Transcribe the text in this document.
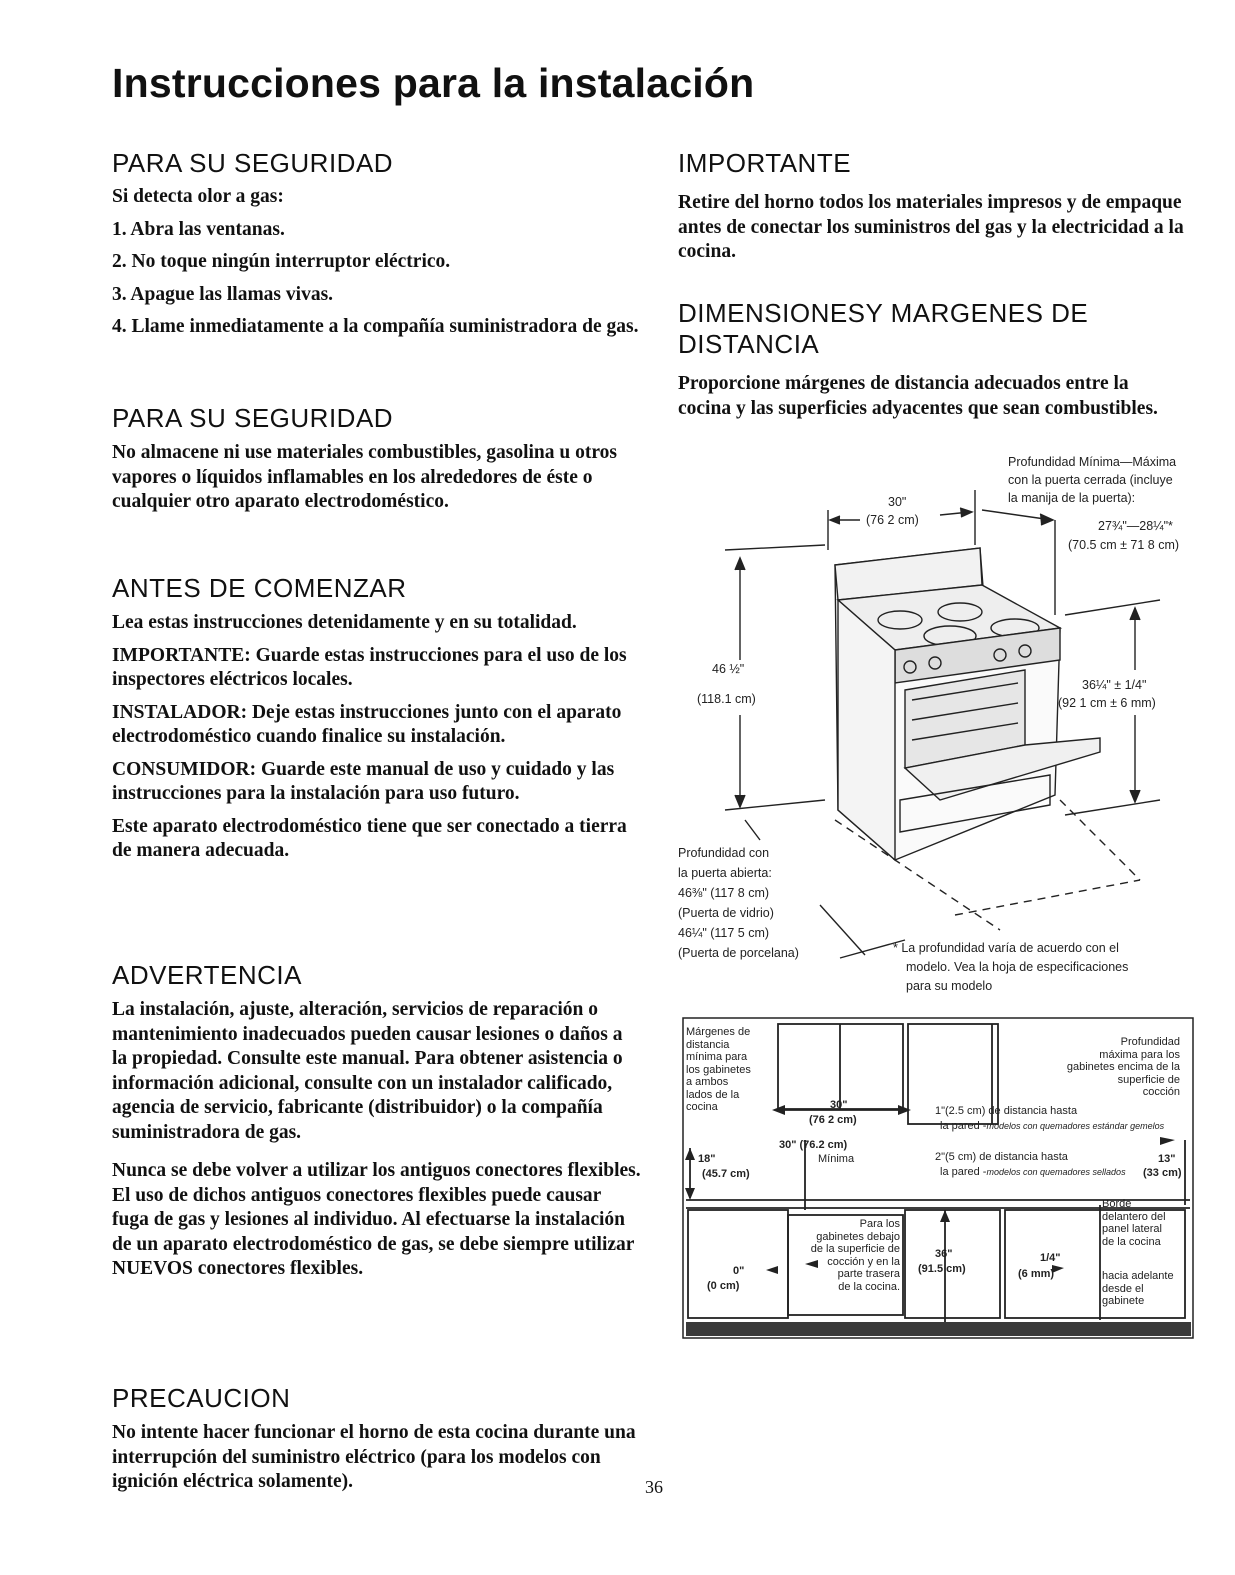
Instrucciones para la instalación
PARA SU SEGURIDAD

Si detecta olor a gas:

1. Abra las ventanas.
2. No toque ningún interruptor eléctrico.
3. Apague las llamas vivas.
4. Llame inmediatamente a la compañía suministradora de gas.
PARA SU SEGURIDAD

No almacene ni use materiales combustibles, gasolina u otros vapores o líquidos inflamables en los alrededores de éste o cualquier otro aparato electrodoméstico.

ANTES DE COMENZAR

Lea estas instrucciones detenidamente y en su totalidad.

IMPORTANTE: Guarde estas instrucciones para el uso de los inspectores eléctricos locales.

INSTALADOR: Deje estas instrucciones junto con el aparato electrodoméstico cuando finalice su instalación.

CONSUMIDOR: Guarde este manual de uso y cuidado y las instrucciones para la instalación para uso futuro.

Este aparato electrodoméstico tiene que ser conectado a tierra de manera adecuada.

ADVERTENCIA

La instalación, ajuste, alteración, servicios de reparación o mantenimiento inadecuados pueden causar lesiones o daños a la propiedad. Consulte este manual. Para obtener asistencia o información adicional, consulte con un instalador calificado, agencia de servicio, fabricante (distribuidor) o la compañía suministradora de gas.

Nunca se debe volver a utilizar los antiguos conectores flexibles. El uso de dichos antiguos conectores flexibles puede causar fuga de gas y lesiones al individuo. Al efectuarse la instalación de un aparato electrodoméstico de gas, se debe siempre utilizar NUEVOS conectores flexibles.

PRECAUCION

No intente hacer funcionar el horno de esta cocina durante una interrupción del suministro eléctrico (para los modelos con ignición eléctrica solamente).

IMPORTANTE

Retire del horno todos los materiales impresos y de empaque antes de conectar los suministros del gas y la electricidad a la cocina.

DIMENSIONESY MARGENES DE DISTANCIA

Proporcione márgenes de distancia adecuados entre la cocina y las superficies adyacentes que sean combustibles.

Profundidad Mínima—Máxima
con la puerta cerrada (incluye
la manija de la puerta):
27¾"—28¼"*
(70.5 cm ± 71 8 cm)
30"
(76 2 cm)
46 ½"
(118.1 cm)
36¼" ± 1/4"
(92 1 cm ± 6 mm)
Profundidad con
la puerta abierta:
46⅜" (117 8 cm)
(Puerta de vidrio)
46¼" (117 5 cm)
(Puerta de porcelana)	* La profundidad varía de acuerdo con el
modelo. Vea la hoja de especificaciones
para su modelo
Márgenes de
distancia
mínima para
los gabinetes
a ambos
lados de la
cocina	30"
(76 2 cm)
30" (76.2 cm)
Mínima
18"
(45.7 cm)
Profundidad
máxima para los
gabinetes encima de la
superficie de
cocción
1"(2.5 cm) de distancia hasta
la pared -modelos con quemadores estándar gemelos
2"(5 cm) de distancia hasta
la pared -modelos con quemadores sellados
13"
(33 cm)
Para los
gabinetes debajo
de la superficie de
cocción y en la
parte trasera
de la cocina.
0"
(0 cm)
36"
(91.5 cm)
1/4"
(6 mm)
Borde
delantero del
panel lateral
de la cocina
hacia adelante
desde el
gabinete
36
